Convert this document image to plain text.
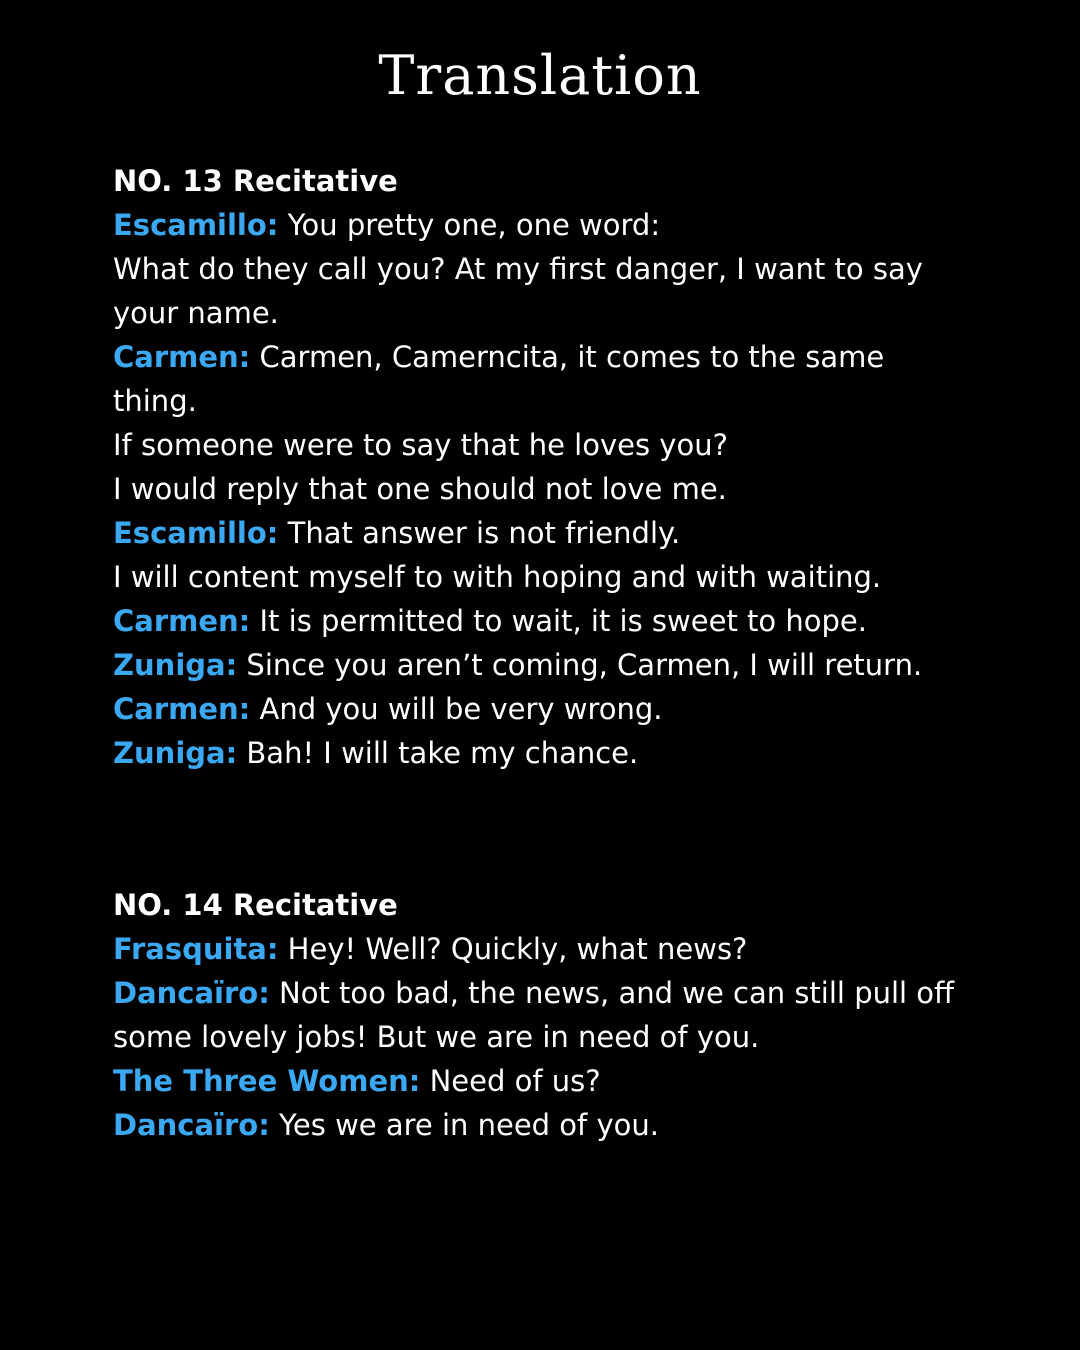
Translation

NO. 13 Recitative

Escamillo: You pretty one, one word:

What do they call you? At my first danger, I want to say your name.

Carmen: Carmen, Camerncita, it comes to the same thing.

If someone were to say that he loves you?

I would reply that one should not love me.

Escamillo: That answer is not friendly.

I will content myself to with hoping and with waiting.

Carmen: It is permitted to wait, it is sweet to hope.

Zuniga: Since you aren’t coming, Carmen, I will return.

Carmen: And you will be very wrong.

Zuniga: Bah! I will take my chance.

NO. 14 Recitative

Frasquita: Hey! Well? Quickly, what news?

Dancaïro: Not too bad, the news, and we can still pull off some lovely jobs! But we are in need of you.

The Three Women: Need of us?

Dancaïro: Yes we are in need of you.
